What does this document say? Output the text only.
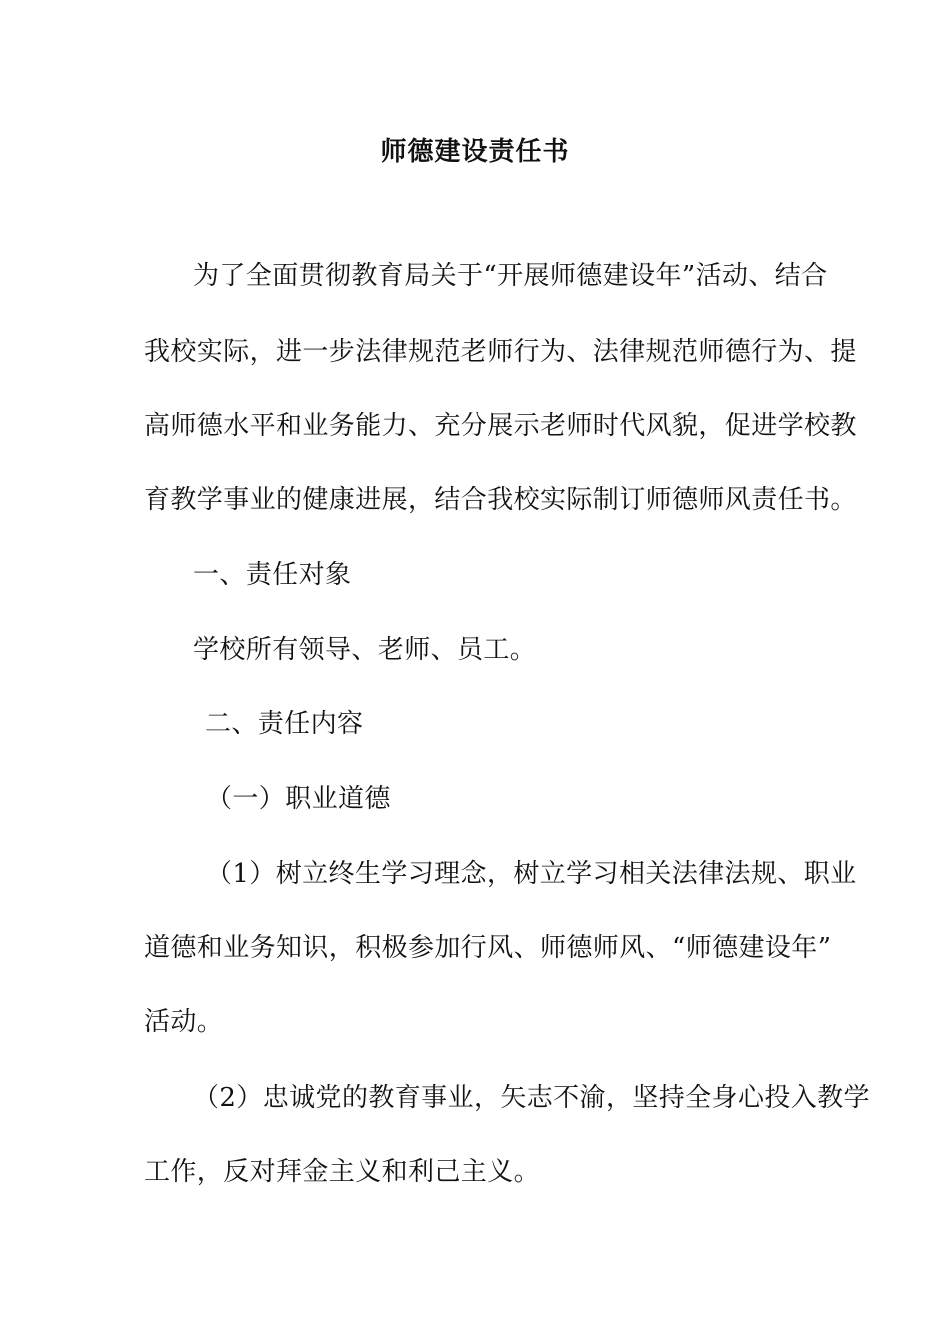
师德建设责任书
为了全面贯彻教育局关于“开展师德建设年”活动、结合
我校实际，进一步法律规范老师行为、法律规范师德行为、提
高师德水平和业务能力、充分展示老师时代风貌，促进学校教
育教学事业的健康进展，结合我校实际制订师德师风责任书。
一、责任对象
学校所有领导、老师、员工。
二、责任内容
（一）职业道德
（1）树立终生学习理念，树立学习相关法律法规、职业
道德和业务知识，积极参加行风、师德师风、“师德建设年”
活动。
（2）忠诚党的教育事业，矢志不渝，坚持全身心投入教学
工作，反对拜金主义和利己主义。
